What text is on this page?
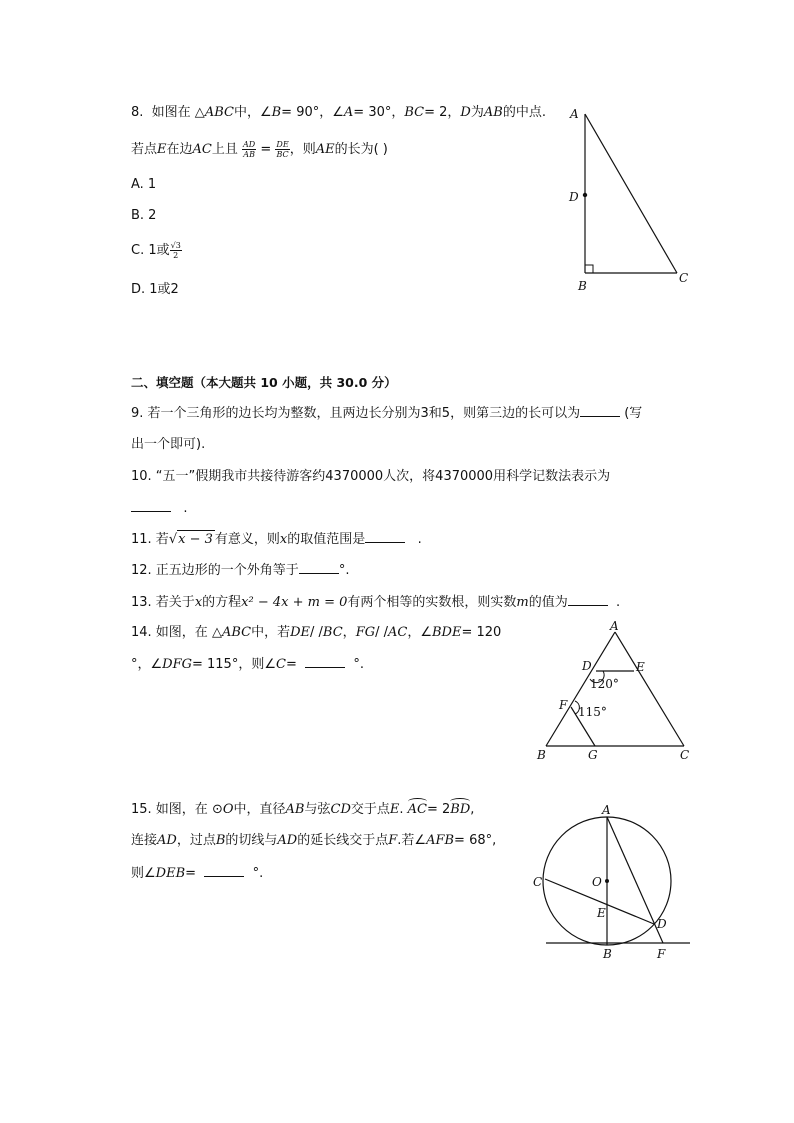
8. 如图在 △ABC中，∠B= 90°，∠A= 30°，BC= 2，D为AB的中点.
若点E在边AC上且 $\frac{AD}{AB} = \frac{DE}{BC}$ ，则AE的长为( )
A. 1
B. 2
C. 1或 $\frac{√3}{2}$
D. 1或2
A
D
B
C
二、填空题（本大题共 10 小题，共 30.0 分）
9. 若一个三角形的边长均为整数，且两边长分别为3和5，则第三边的长可以为	(写
出一个即可).
10. “五一”假期我市共接待游客约4370000人次，将4370000用科学记数法表示为
.
11. 若√x − 3 有意义，则x的取值范围是	.
12. 正五边形的一个外角等于	°.
13. 若关于x的方程x² − 4x + m = 0有两个相等的实数根，则实数m的值为	.
14. 如图，在 △ABC中，若DE/ /BC，FG/ /AC，∠BDE= 120
°，∠DFG= 115°，则∠C=	°.
A
D	E
120°
F 115°
B	G	C
15. 如图，在 ⊙O中，直径AB与弦CD交于点E. AC= 2BD,
连接AD，过点B的切线与AD的延长线交于点F.若∠AFB= 68°,
则∠DEB=	°.
A
O
C
E
D
B	F
